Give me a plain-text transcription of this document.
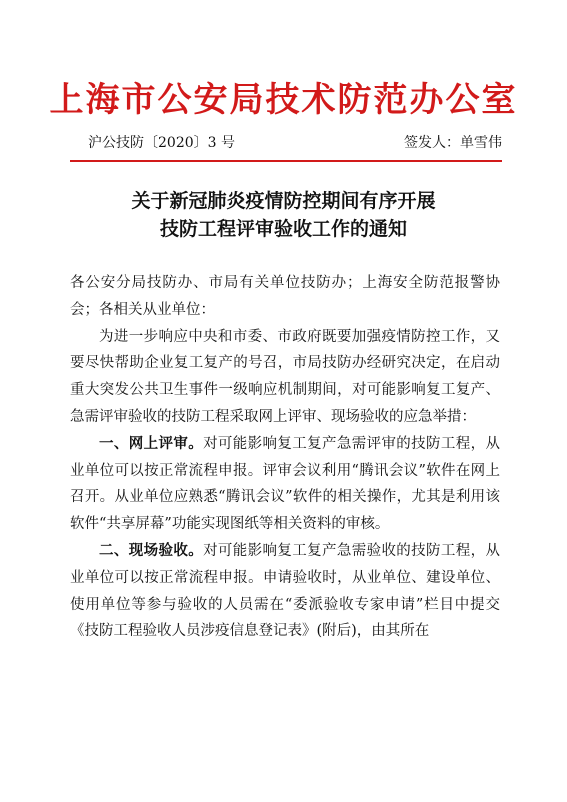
上海市公安局技术防范办公室
沪公技防〔2020〕3 号	签发人：单雪伟
关于新冠肺炎疫情防控期间有序开展
技防工程评审验收工作的通知

各公安分局技防办、市局有关单位技防办；上海安全防范报警协会；各相关从业单位：

为进一步响应中央和市委、市政府既要加强疫情防控工作，又要尽快帮助企业复工复产的号召，市局技防办经研究决定，在启动重大突发公共卫生事件一级响应机制期间，对可能影响复工复产、急需评审验收的技防工程采取网上评审、现场验收的应急举措：

一、网上评审。对可能影响复工复产急需评审的技防工程，从业单位可以按正常流程申报。评审会议利用“腾讯会议”软件在网上召开。从业单位应熟悉“腾讯会议”软件的相关操作，尤其是利用该软件“共享屏幕”功能实现图纸等相关资料的审核。

二、现场验收。对可能影响复工复产急需验收的技防工程，从业单位可以按正常流程申报。申请验收时，从业单位、建设单位、使用单位等参与验收的人员需在“委派验收专家申请”栏目中提交《技防工程验收人员涉疫信息登记表》(附后)，由其所在
